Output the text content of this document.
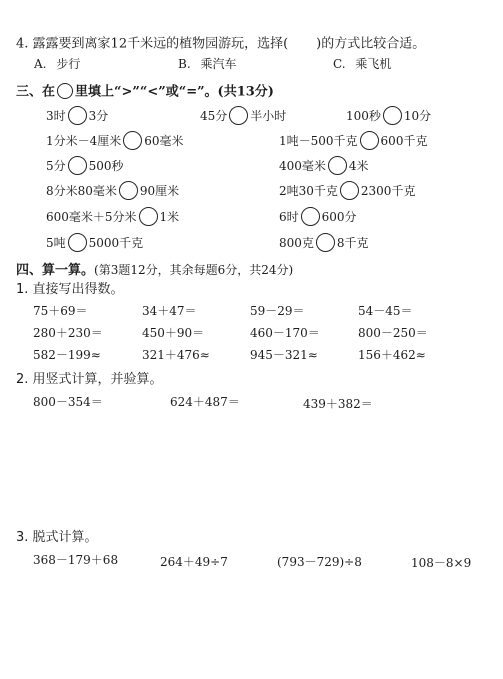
4. 露露要到离家12千米远的植物园游玩，选择( )的方式比较合适。
A. 步行	B. 乘汽车	C. 乘飞机
三、在 里填上“>”“<”或“=”。(共13分)
3时 3分	45分 半小时	100秒 10分
1分米－4厘米 60毫米	1吨－500千克 600千克
5分 500秒	400毫米 4米
8分米80毫米 90厘米	2吨30千克 2300千克
600毫米＋5分米 1米	6时 600分
5吨 5000千克	800克 8千克
四、算一算。(第3题12分，其余每题6分，共24分)
1. 直接写出得数。
75＋69＝	34＋47＝	59－29＝	54－45＝
280＋230＝	450＋90＝	460－170＝	800－250＝
582－199≈	321＋476≈	945－321≈	156＋462≈
2. 用竖式计算，并验算。
800－354＝	624＋487＝	439＋382＝
3. 脱式计算。
368－179＋68	264＋49÷7	(793－729)÷8	108－8×9
